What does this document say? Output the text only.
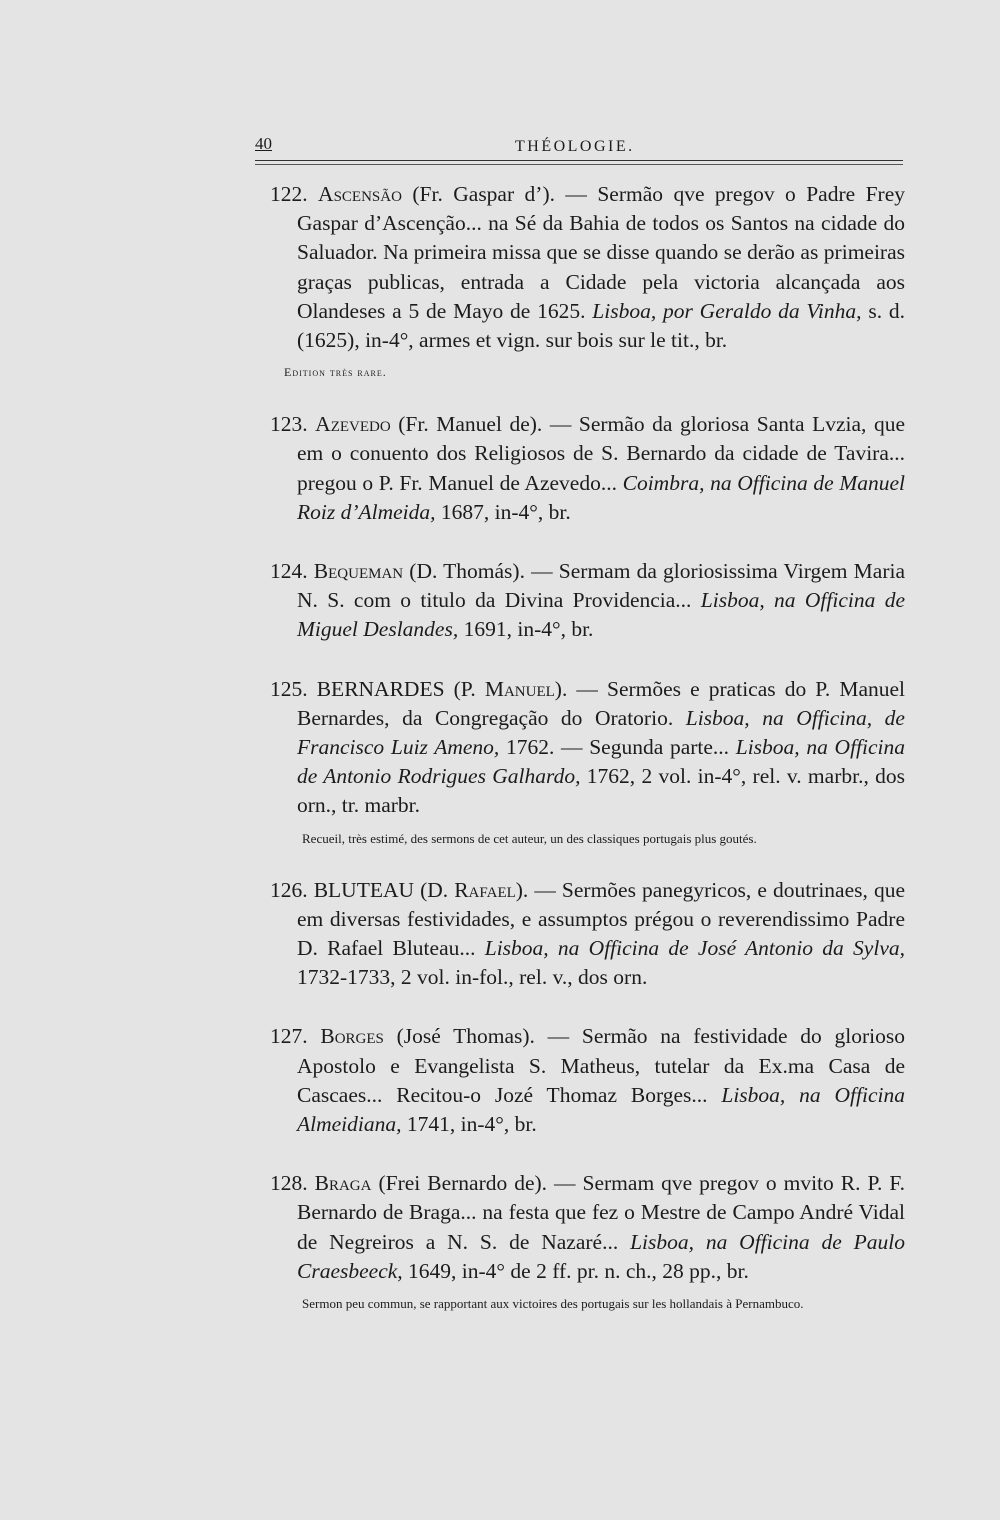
40	THÉOLOGIE.

122. Ascensão (Fr. Gaspar d’). — Sermão qve pregov o Padre Frey Gaspar d’Ascenção... na Sé da Bahia de todos os Santos na cidade do Saluador. Na primeira missa que se disse quando se derão as primeiras graças publicas, entrada a Cidade pela victoria alcançada aos Olandeses a 5 de Mayo de 1625. Lisboa, por Geraldo da Vinha, s. d. (1625), in-4°, armes et vign. sur bois sur le tit., br.

Edition très rare.

123. Azevedo (Fr. Manuel de). — Sermão da gloriosa Santa Lvzia, que em o conuento dos Religiosos de S. Bernardo da cidade de Tavira... pregou o P. Fr. Manuel de Azevedo... Coimbra, na Officina de Manuel Roiz d’Almeida, 1687, in-4°, br.

124. Bequeman (D. Thomás). — Sermam da gloriosissima Virgem Maria N. S. com o titulo da Divina Providencia... Lisboa, na Officina de Miguel Deslandes, 1691, in-4°, br.

125. BERNARDES (P. Manuel). — Sermões e praticas do P. Manuel Bernardes, da Congregação do Oratorio. Lisboa, na Officina, de Francisco Luiz Ameno, 1762. — Segunda parte... Lisboa, na Officina de Antonio Rodrigues Galhardo, 1762, 2 vol. in-4°, rel. v. marbr., dos orn., tr. marbr.

Recueil, très estimé, des sermons de cet auteur, un des classiques portugais plus goutés.

126. BLUTEAU (D. Rafael). — Sermões panegyricos, e doutrinaes, que em diversas festividades, e assumptos prégou o reverendissimo Padre D. Rafael Bluteau... Lisboa, na Officina de José Antonio da Sylva, 1732-1733, 2 vol. in-fol., rel. v., dos orn.

127. Borges (José Thomas). — Sermão na festividade do glorioso Apostolo e Evangelista S. Matheus, tutelar da Ex.ma Casa de Cascaes... Recitou-o Jozé Thomaz Borges... Lisboa, na Officina Almeidiana, 1741, in-4°, br.

128. Braga (Frei Bernardo de). — Sermam qve pregov o mvito R. P. F. Bernardo de Braga... na festa que fez o Mestre de Campo André Vidal de Negreiros a N. S. de Nazaré... Lisboa, na Officina de Paulo Craesbeeck, 1649, in-4° de 2 ff. pr. n. ch., 28 pp., br.

Sermon peu commun, se rapportant aux victoires des portugais sur les hollandais à Pernambuco.
